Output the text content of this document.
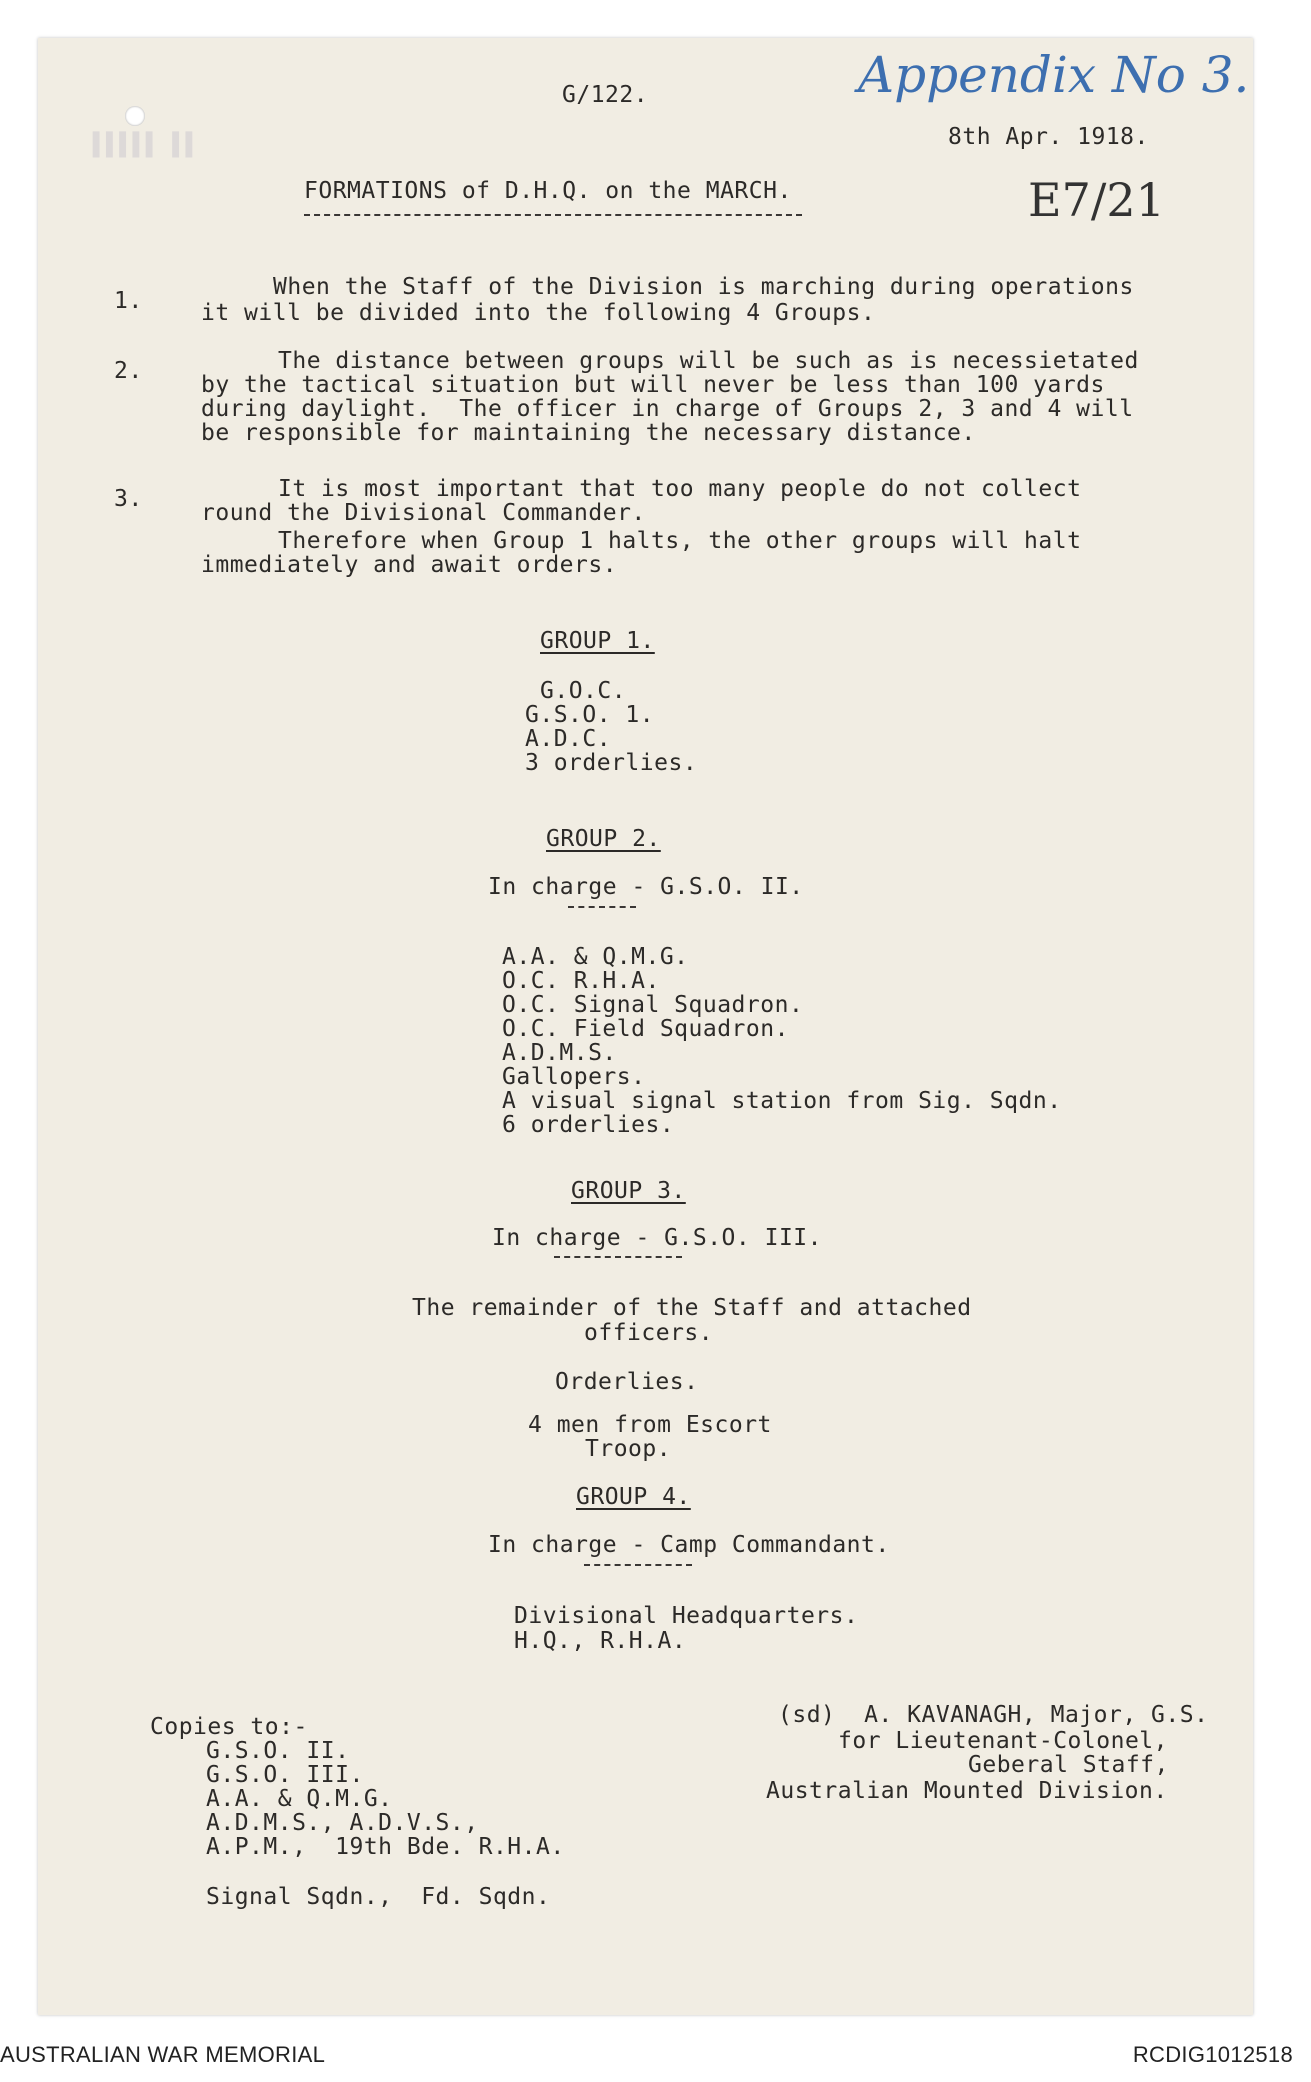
▌▌▌▌▌ ▌▌
G/122.	Appendix No 3.
8th Apr. 1918.
E7/21
FORMATIONS of D.H.Q. on the MARCH.
1.
When the Staff of the Division is marching during operations
it will be divided into the following 4 Groups.
2.	The distance between groups will be such as is necessietated
by the tactical situation but will never be less than 100 yards
during daylight.  The officer in charge of Groups 2, 3 and 4 will
be responsible for maintaining the necessary distance.
3.	It is most important that too many people do not collect
round the Divisional Commander.
Therefore when Group 1 halts, the other groups will halt
immediately and await orders.
GROUP 1.
G.O.C.
G.S.O. 1.
A.D.C.
3 orderlies.
GROUP 2.
In charge - G.S.O. II.
A.A. & Q.M.G.
O.C. R.H.A.
O.C. Signal Squadron.
O.C. Field Squadron.
A.D.M.S.
Gallopers.
A visual signal station from Sig. Sqdn.
6 orderlies.
GROUP 3.
In charge - G.S.O. III.
The remainder of the Staff and attached
officers.
Orderlies.
4 men from Escort
Troop.
GROUP 4.
In charge - Camp Commandant.
Divisional Headquarters.
H.Q., R.H.A.
Copies to:-
G.S.O. II.
G.S.O. III.
A.A. & Q.M.G.
A.D.M.S., A.D.V.S.,
A.P.M.,  19th Bde. R.H.A.
Signal Sqdn.,  Fd. Sqdn.
(sd)  A. KAVANAGH, Major, G.S.
for Lieutenant-Colonel,
Geberal Staff,
Australian Mounted Division.
AUSTRALIAN WAR MEMORIAL	RCDIG1012518
